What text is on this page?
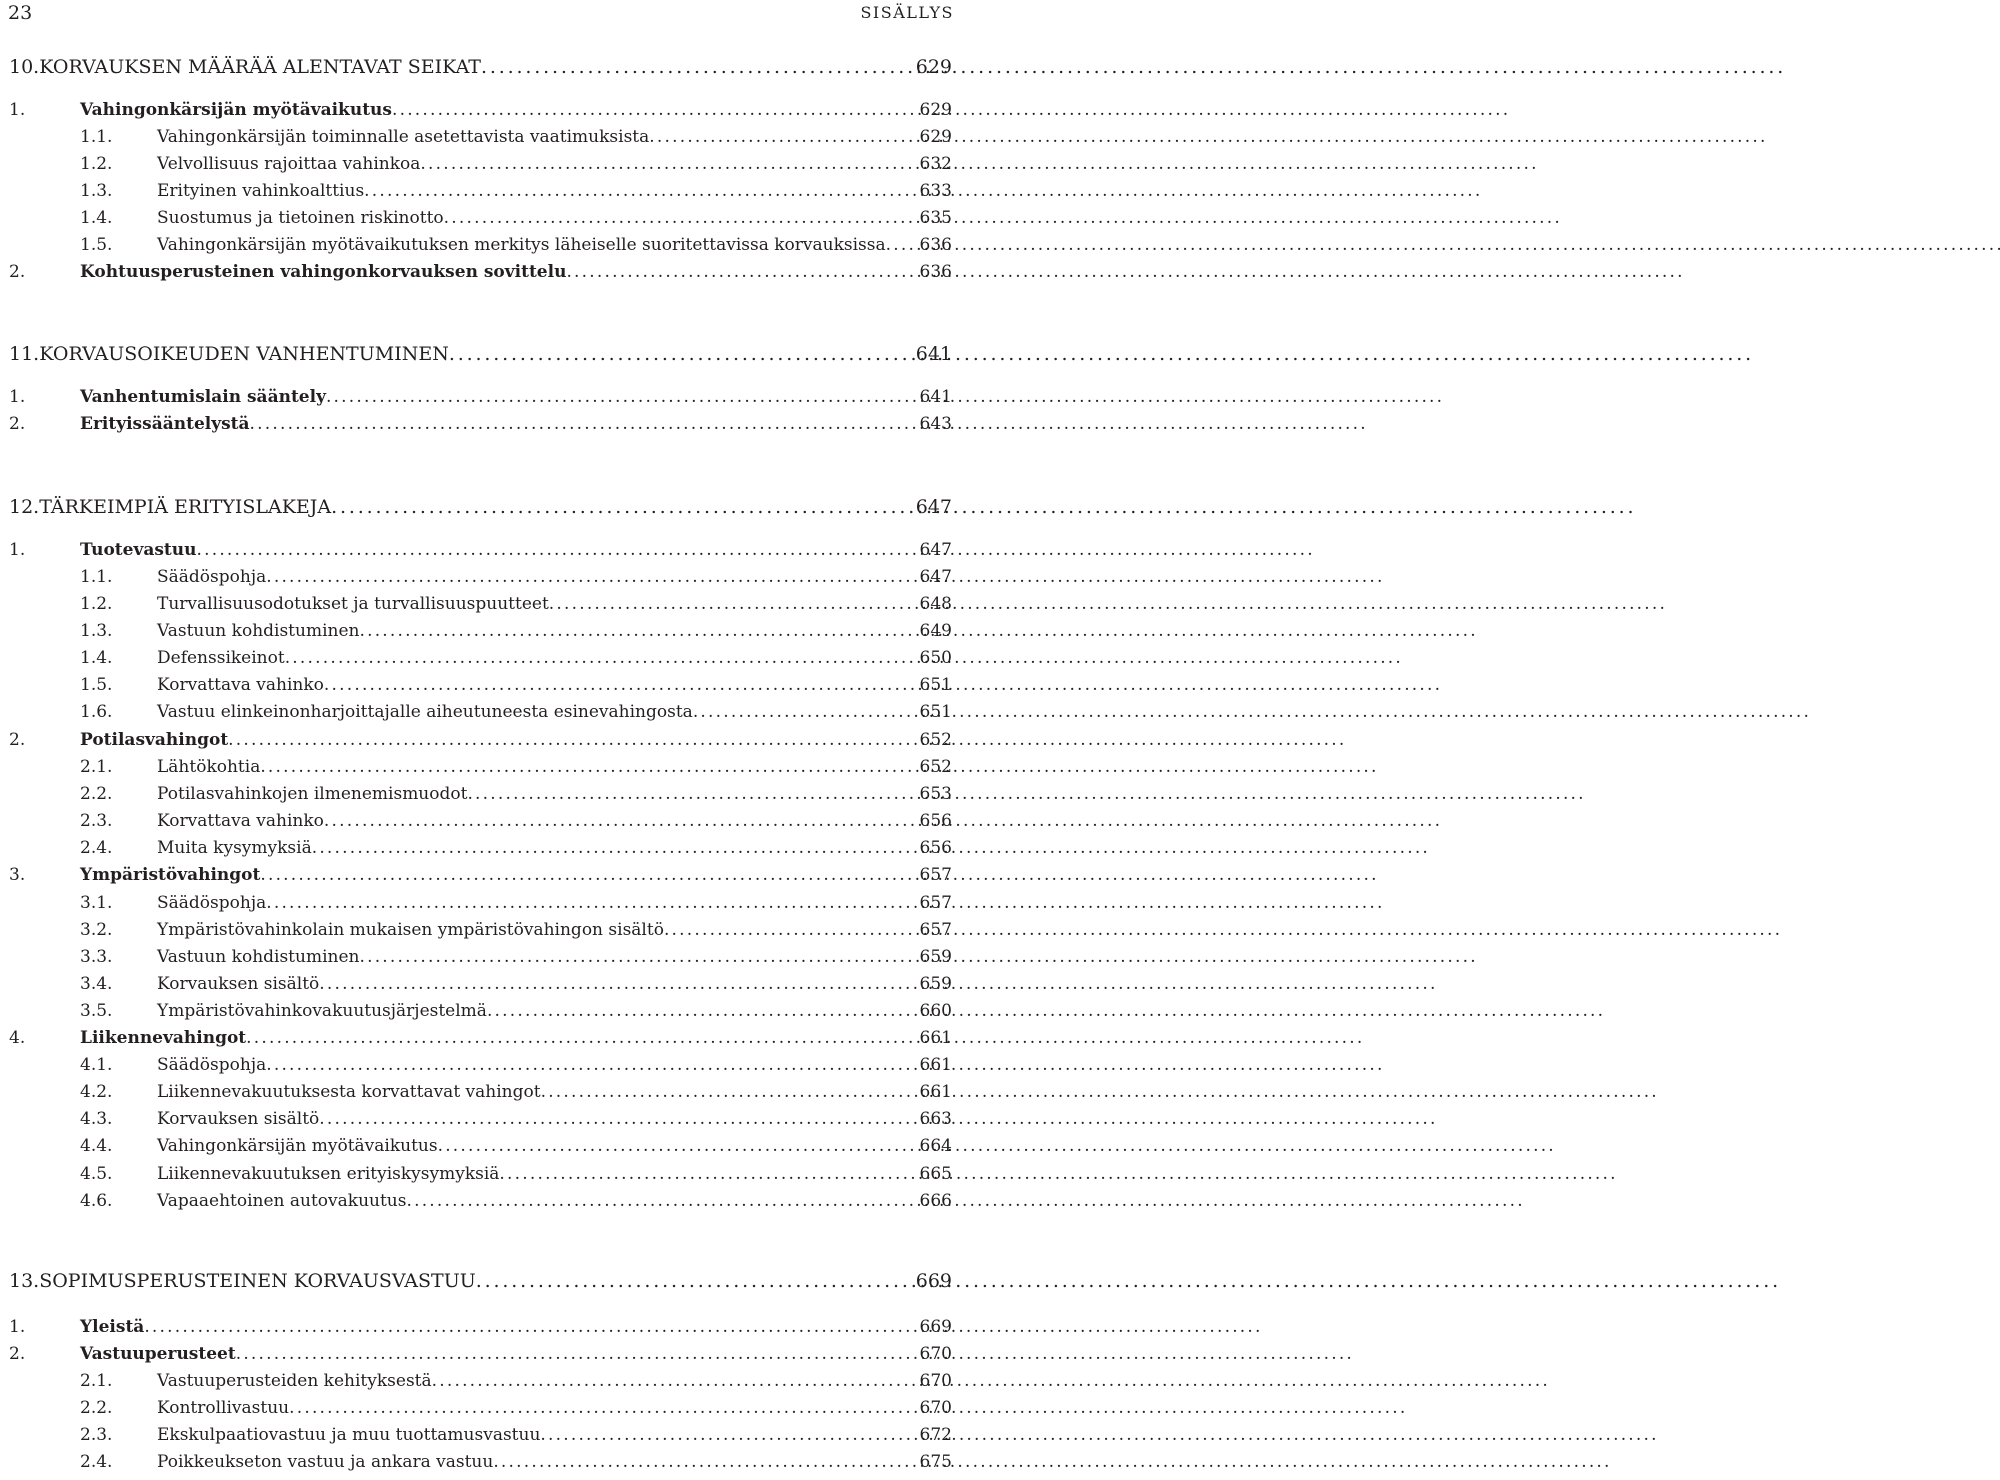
23	SISÄLLYS
10. KORVAUKSEN MÄÄRÄÄ ALENTAVAT SEIKAT . . .	629
1.	Vahingonkärsijän myötävaikutus . . .	629
1.1.	Vahingonkärsijän toiminnalle asetettavista vaatimuksista . . .	629
1.2.	Velvollisuus rajoittaa vahinkoa . . .	632
1.3.	Erityinen vahinkoalttius . . .	633
1.4.	Suostumus ja tietoinen riskinotto . . .	635
1.5.	Vahingonkärsijän myötävaikutuksen merkitys läheiselle suoritettavissa korvauksissa . . .	636
2.	Kohtuusperusteinen vahingonkorvauksen sovittelu . . .	636
11. KORVAUSOIKEUDEN VANHENTUMINEN . . .	641
1.	Vanhentumislain sääntely . . .	641
2.	Erityissääntelystä . . .	643
12. TÄRKEIMPIÄ ERITYISLAKEJA . . .	647
1.	Tuotevastuu . . .	647
1.1.	Säädöspohja . . .	647
1.2.	Turvallisuusodotukset ja turvallisuuspuutteet . . .	648
1.3.	Vastuun kohdistuminen . . .	649
1.4.	Defenssikeinot . . .	650
1.5.	Korvattava vahinko . . .	651
1.6.	Vastuu elinkeinonharjoittajalle aiheutuneesta esinevahingosta . . .	651
2.	Potilasvahingot . . .	652
2.1.	Lähtökohtia . . .	652
2.2.	Potilasvahinkojen ilmenemismuodot . . .	653
2.3.	Korvattava vahinko . . .	656
2.4.	Muita kysymyksiä . . .	656
3.	Ympäristövahingot . . .	657
3.1.	Säädöspohja . . .	657
3.2.	Ympäristövahinkolain mukaisen ympäristövahingon sisältö . . .	657
3.3.	Vastuun kohdistuminen . . .	659
3.4.	Korvauksen sisältö . . .	659
3.5.	Ympäristövahinkovakuutusjärjestelmä . . .	660
4.	Liikennevahingot . . .	661
4.1.	Säädöspohja . . .	661
4.2.	Liikennevakuutuksesta korvattavat vahingot . . .	661
4.3.	Korvauksen sisältö . . .	663
4.4.	Vahingonkärsijän myötävaikutus . . .	664
4.5.	Liikennevakuutuksen erityiskysymyksiä . . .	665
4.6.	Vapaaehtoinen autovakuutus . . .	666
13. SOPIMUSPERUSTEINEN KORVAUSVASTUU . . .	669
1.	Yleistä . . .	669
2.	Vastuuperusteet . . .	670
2.1.	Vastuuperusteiden kehityksestä . . .	670
2.2.	Kontrollivastuu . . .	670
2.3.	Ekskulpaatiovastuu ja muu tuottamusvastuu . . .	672
2.4.	Poikkeukseton vastuu ja ankara vastuu . . .	675
